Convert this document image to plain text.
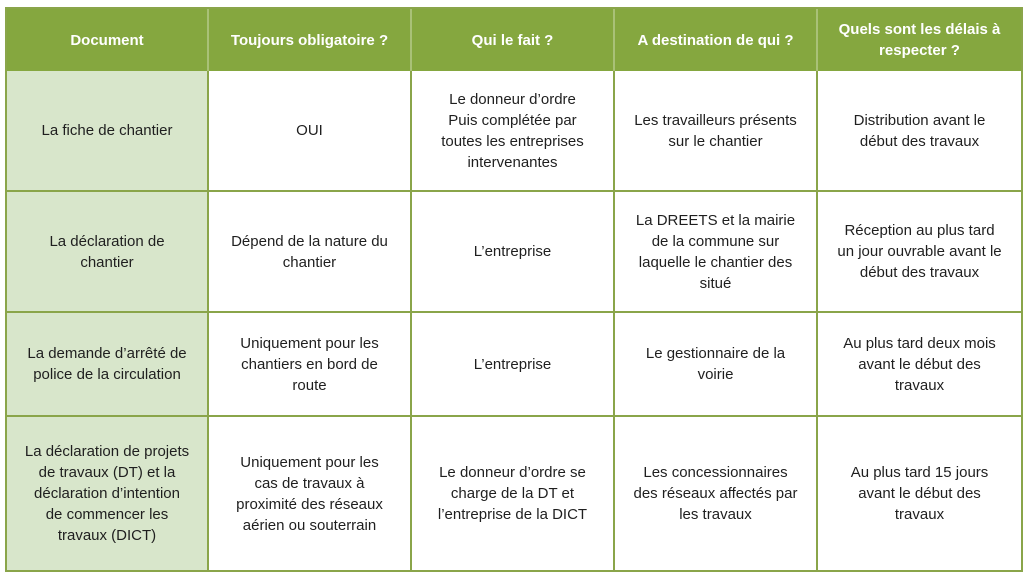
Document	Toujours obligatoire ?	Qui le fait ?	A destination de qui ?	Quels sont les délais à
respecter ?
La fiche de chantier	OUI	Le donneur d’ordre
Puis complétée par
toutes les entreprises
intervenantes	Les travailleurs présents
sur le chantier	Distribution avant le
début des travaux
La déclaration de
chantier	Dépend de la nature du
chantier	L’entreprise	La DREETS et la mairie
de la commune sur
laquelle le chantier des
situé	Réception au plus tard
un jour ouvrable avant le
début des travaux
La demande d’arrêté de
police de la circulation	Uniquement pour les
chantiers en bord de
route	L’entreprise	Le gestionnaire de la
voirie	Au plus tard deux mois
avant le début des
travaux
La déclaration de projets
de travaux (DT) et la
déclaration d’intention
de commencer les
travaux (DICT)	Uniquement pour les
cas de travaux à
proximité des réseaux
aérien ou souterrain	Le donneur d’ordre se
charge de la DT et
l’entreprise de la DICT	Les concessionnaires
des réseaux affectés par
les travaux	Au plus tard 15 jours
avant le début des
travaux
